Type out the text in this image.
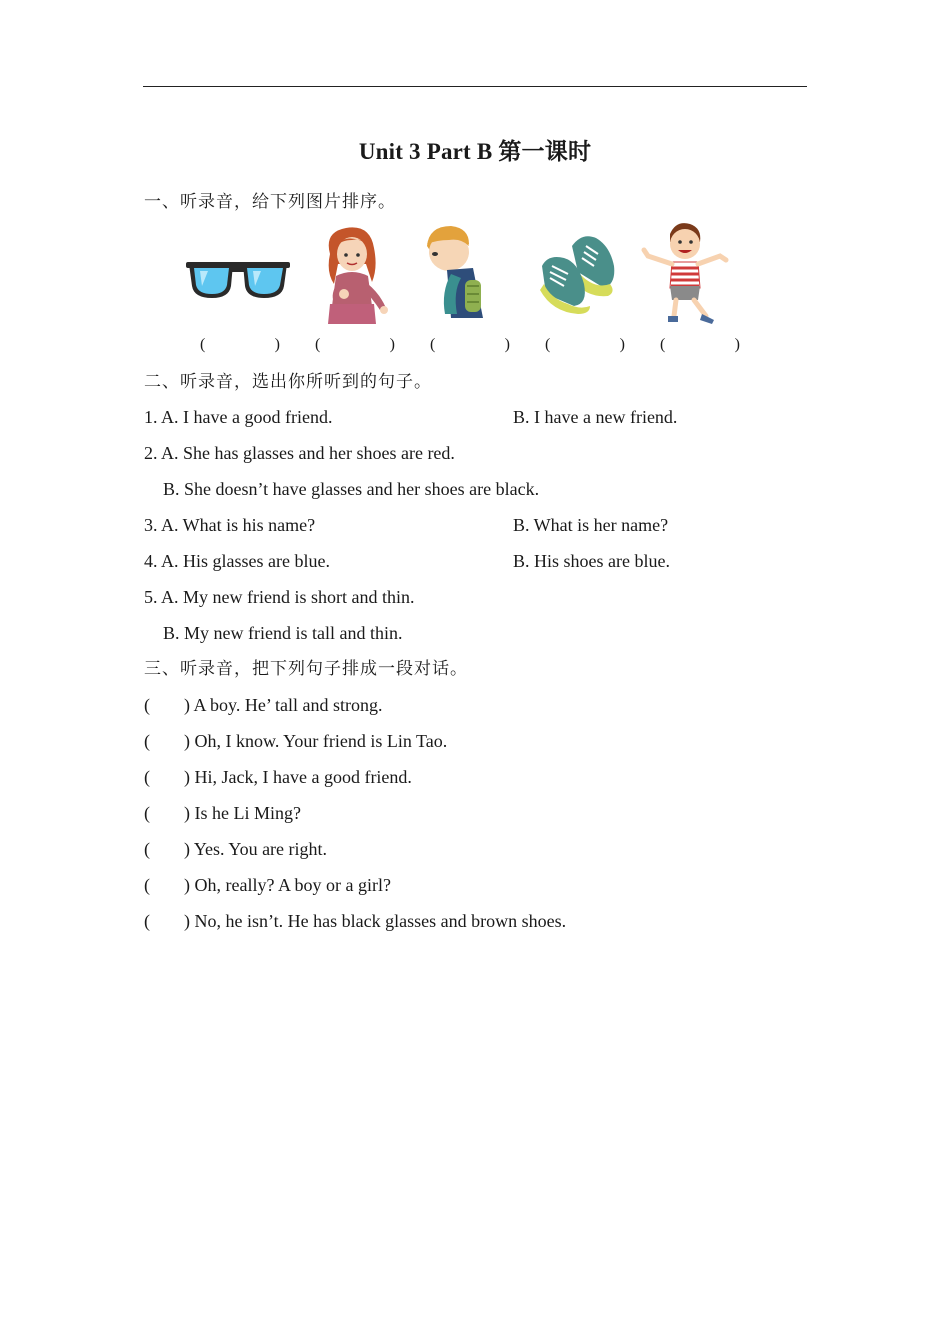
Unit 3 Part B 第一课时
一、听录音，给下列图片排序。
(	) (	) (	) (	) (	)
二、听录音，选出你所听到的句子。
1. A. I have a good friend.	B. I have a new friend.
2. A. She has glasses and her shoes are red.
B. She doesn’t have glasses and her shoes are black.
3. A. What is his name?	B. What is her name?
4. A. His glasses are blue.	B. His shoes are blue.
5. A. My new friend is short and thin.
B. My new friend is tall and thin.
三、听录音，把下列句子排成一段对话。
( ) A boy. He’ tall and strong.
( ) Oh, I know. Your friend is Lin Tao.
( ) Hi, Jack, I have a good friend.
( ) Is he Li Ming?
( ) Yes. You are right.
( ) Oh, really? A boy or a girl?
( ) No, he isn’t. He has black glasses and brown shoes.
